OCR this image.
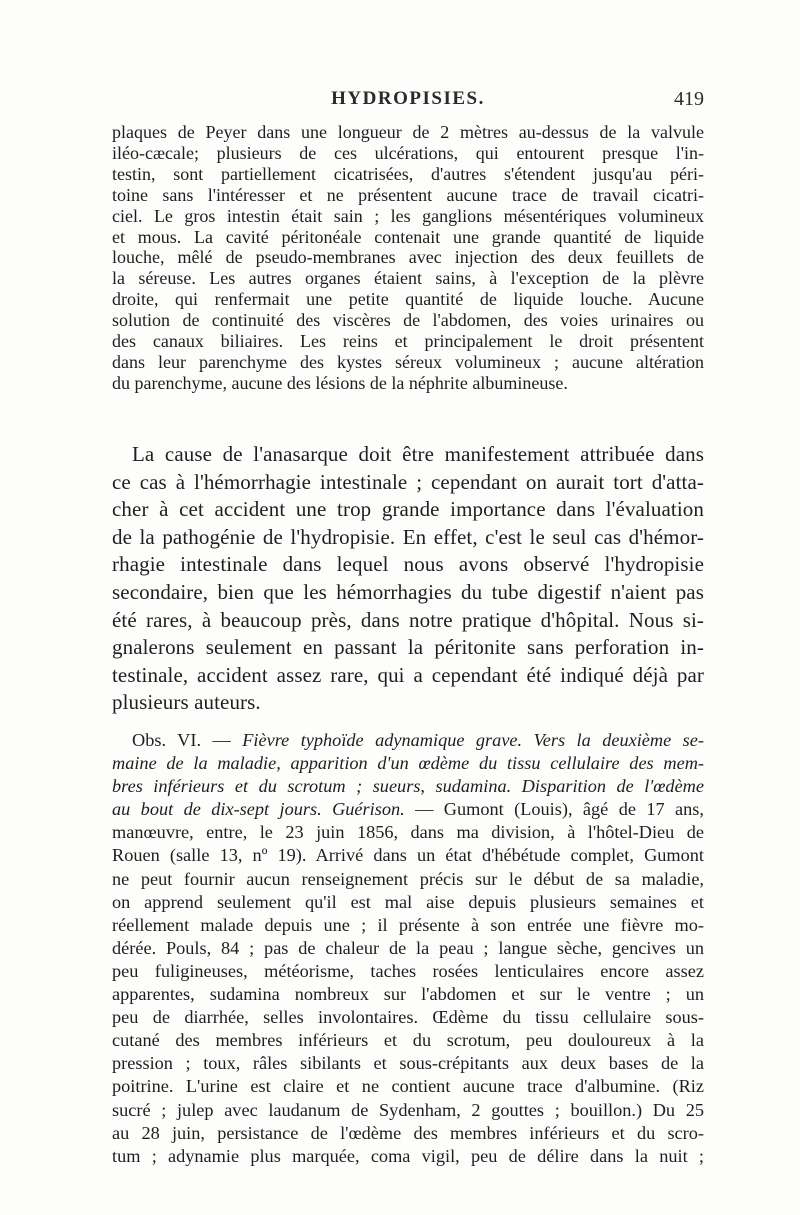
HYDROPISIES.	419
plaques de Peyer dans une longueur de 2 mètres au-dessus de la valvule
iléo-cæcale; plusieurs de ces ulcérations, qui entourent presque l'in-
testin, sont partiellement cicatrisées, d'autres s'étendent jusqu'au péri-
toine sans l'intéresser et ne présentent aucune trace de travail cicatri-
ciel. Le gros intestin était sain ; les ganglions mésentériques volumineux
et mous. La cavité péritonéale contenait une grande quantité de liquide
louche, mêlé de pseudo-membranes avec injection des deux feuillets de
la séreuse. Les autres organes étaient sains, à l'exception de la plèvre
droite, qui renfermait une petite quantité de liquide louche. Aucune
solution de continuité des viscères de l'abdomen, des voies urinaires ou
des canaux biliaires. Les reins et principalement le droit présentent
dans leur parenchyme des kystes séreux volumineux ; aucune altération
du parenchyme, aucune des lésions de la néphrite albumineuse.
La cause de l'anasarque doit être manifestement attribuée dans
ce cas à l'hémorrhagie intestinale ; cependant on aurait tort d'atta-
cher à cet accident une trop grande importance dans l'évaluation
de la pathogénie de l'hydropisie. En effet, c'est le seul cas d'hémor-
rhagie intestinale dans lequel nous avons observé l'hydropisie
secondaire, bien que les hémorrhagies du tube digestif n'aient pas
été rares, à beaucoup près, dans notre pratique d'hôpital. Nous si-
gnalerons seulement en passant la péritonite sans perforation in-
testinale, accident assez rare, qui a cependant été indiqué déjà par
plusieurs auteurs.
Obs. VI. — Fièvre typhoïde adynamique grave. Vers la deuxième se-
maine de la maladie, apparition d'un œdème du tissu cellulaire des mem-
bres inférieurs et du scrotum ; sueurs, sudamina. Disparition de l'œdème
au bout de dix-sept jours. Guérison. — Gumont (Louis), âgé de 17 ans,
manœuvre, entre, le 23 juin 1856, dans ma division, à l'hôtel-Dieu de
Rouen (salle 13, nº 19). Arrivé dans un état d'hébétude complet, Gumont
ne peut fournir aucun renseignement précis sur le début de sa maladie,
on apprend seulement qu'il est mal aise depuis plusieurs semaines et
réellement malade depuis une ; il présente à son entrée une fièvre mo-
dérée. Pouls, 84 ; pas de chaleur de la peau ; langue sèche, gencives un
peu fuligineuses, météorisme, taches rosées lenticulaires encore assez
apparentes, sudamina nombreux sur l'abdomen et sur le ventre ; un
peu de diarrhée, selles involontaires. Œdème du tissu cellulaire sous-
cutané des membres inférieurs et du scrotum, peu douloureux à la
pression ; toux, râles sibilants et sous-crépitants aux deux bases de la
poitrine. L'urine est claire et ne contient aucune trace d'albumine. (Riz
sucré ; julep avec laudanum de Sydenham, 2 gouttes ; bouillon.) Du 25
au 28 juin, persistance de l'œdème des membres inférieurs et du scro-
tum ; adynamie plus marquée, coma vigil, peu de délire dans la nuit ;
